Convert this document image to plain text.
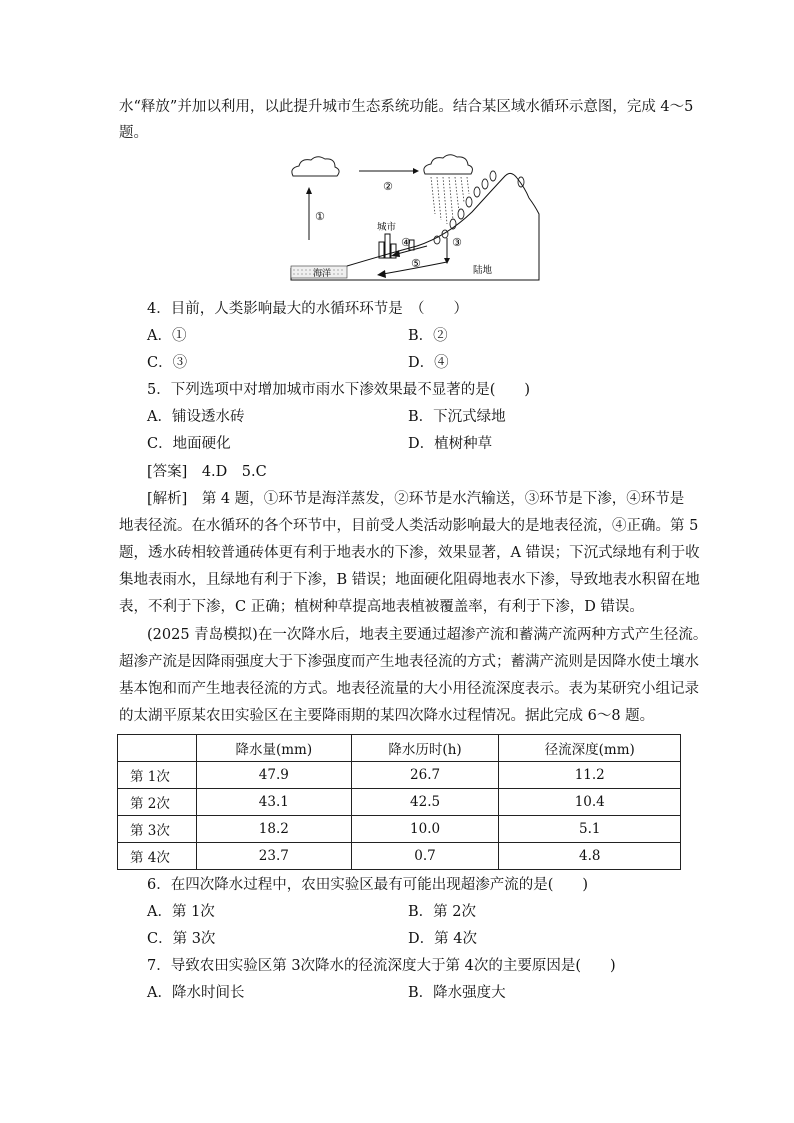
水“释放”并加以利用，以此提升城市生态系统功能。结合某区域水循环示意图，完成 4～5
题。
②
①
海洋
城市
④	③
⑤
陆地
4．目前，人类影响最大的水循环环节是　（　　）
A．①	B．②
C．③	D．④
5．下列选项中对增加城市雨水下渗效果最不显著的是(　　)
A．铺设透水砖	B．下沉式绿地
C．地面硬化	D．植树种草
[答案]　 4.D　5.C
[解析]　第 4 题，①环节是海洋蒸发，②环节是水汽输送，③环节是下渗，④环节是
地表径流。在水循环的各个环节中，目前受人类活动影响最大的是地表径流，④正确。第 5
题，透水砖相较普通砖体更有利于地表水的下渗，效果显著，A 错误；下沉式绿地有利于收
集地表雨水，且绿地有利于下渗，B 错误；地面硬化阻碍地表水下渗，导致地表水积留在地
表，不利于下渗，C 正确；植树种草提高地表植被覆盖率，有利于下渗，D 错误。
(2025 青岛模拟)在一次降水后，地表主要通过超渗产流和蓄满产流两种方式产生径流。
超渗产流是因降雨强度大于下渗强度而产生地表径流的方式；蓄满产流则是因降水使土壤水
基本饱和而产生地表径流的方式。地表径流量的大小用径流深度表示。表为某研究小组记录
的太湖平原某农田实验区在主要降雨期的某四次降水过程情况。据此完成 6～8 题。
	降水量(mm)	降水历时(h)	径流深度(mm)
第 1次	47.9	26.7	11.2
第 2次	43.1	42.5	10.4
第 3次	18.2	10.0	5.1
第 4次	23.7	0.7	4.8
6．在四次降水过程中，农田实验区最有可能出现超渗产流的是(　　)
A．第 1次	B．第 2次
C．第 3次	D．第 4次
7．导致农田实验区第 3次降水的径流深度大于第 4次的主要原因是(　　)
A．降水时间长	B．降水强度大
